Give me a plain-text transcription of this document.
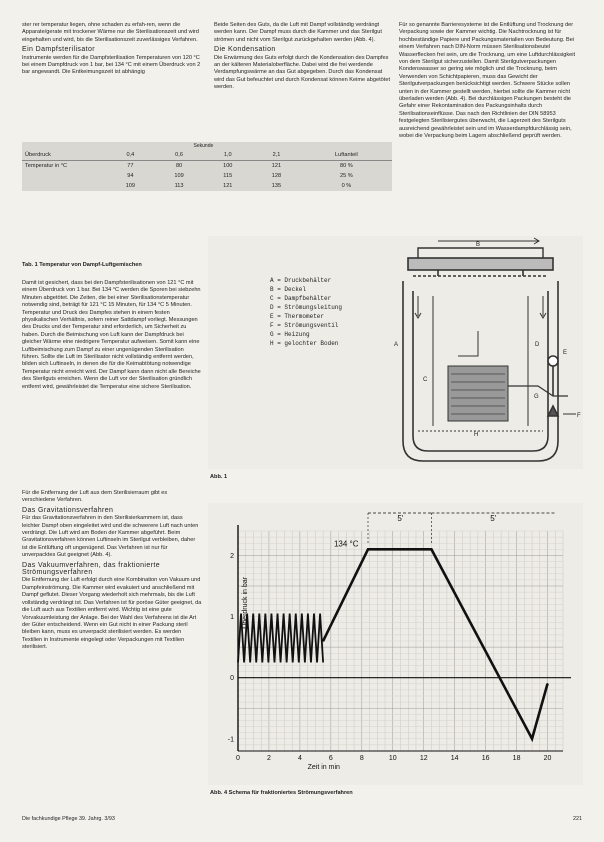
ster rer temperatur liegen, ohne schaden zu erfah-ren, wenn die Apparate/gerate mit trockener Wärme nur die Sterilisationszeit und wird eingehalten und wird, bis die Sterilisationszeit zuverlässiges Verfahren.

Ein Dampfsterilisator

Instrumente werden für die Dampfsterilisation Temperaturen von 120 °C bei einem Dampfdruck von 1 bar, bei 134 °C mit einem Überdruck von 2 bar angewandt. Die Entkeimungszeit ist abhängig

Beide Seiten des Guts, da die Luft mit Dampf vollständig verdrängt werden kann. Der Dampf muss durch die Kammer und das Sterilgut strömen und nicht vom Sterilgut zurückgehalten werden (Abb. 4).

Die Kondensation

Die Erwärmung des Guts erfolgt durch die Kondensation des Dampfes an der kälteren Materialoberfläche. Dabei wird die frei werdende Verdampfungswärme an das Gut abgegeben. Durch das Kondensat wird das Gut befeuchtet und durch Kondensat können Keime abgetötet werden.

Für so genannte Barrieresysteme ist die Entlüftung und Trocknung der Verpackung sowie der Kammer wichtig. Die Nachtrocknung ist für hochbeständige Papiere und Packungsmaterialien von Bedeutung. Bei einem Verfahren nach DIN-Norm müssen Sterilisationsbeutel Wasserflecken frei sein, um die Trocknung, um eine Luftdurchlässigkeit von dem Sterilgut sicherzustellen. Damit Sterilgutverpackungen Kondenswasser so gering wie möglich und die Trocknung, beim Verwenden von Schichtpapieren, muss das Gewicht der Sterilgutverpackungen berücksichtigt werden. Schwere Stücke sollen unten in der Kammer gestellt werden, hierbei sollte die Kammer nicht überladen werden (Abb. 4). Bei durchlässigen Packungen besteht die Gefahr einer Rekontamination des Packungsinhalts durch Sterilisationseinflüsse. Das nach den Richtlinien der DIN 58953 festgelegten Sterilisiergutes überwacht, die Lagerzeit des Sterilguts ausreichend gewährleistet sein und im Wasserdampfdurchlässig sein, wobei die Verpackung beim Lagern abschließend geprüft werden.

	Sekunde				
Überdruck	0,4	0,6	1,0	2,1	Luftanteil
Temperatur in °C	77	80	100	121	80 %
	94	109	115	128	25 %
	109	113	121	135	0 %
Tab. 1 Temperatur von Dampf-Luftgemischen

Damit ist gesichert, dass bei den Dampfsterilisationen von 121 °C mit einem Überdruck von 1 bar. Bei 134 °C werden die Sporen bei siebzehn Minuten abgetötet. Die Zeiten, die bei einer Sterilisationstemperatur notwendig sind, beträgt für 121 °C 15 Minuten, für 134 °C 5 Minuten. Temperatur und Druck des Dampfes stehen in einem festen physikalischen Verhältnis, sofern reiner Sattdampf vorliegt. Messungen des Drucks und der Temperatur sind erforderlich, um Sicherheit zu haben. Durch die Beimischung von Luft kann der Dampfdruck bei gleicher Wärme eine niedrigere Temperatur aufweisen. Somit kann eine Luftbeimischung zum Dampf zu einer ungenügenden Sterilisation führen. Sollte die Luft im Sterilisator nicht vollständig entfernt werden, bilden sich Luftinseln, in denen die für die Keimabtötung notwendige Temperatur nicht erreicht wird. Der Dampf kann dann nicht alle Bereiche des Sterilguts erreichen. Wenn die Luft vor der Sterilisation gründlich entfernt wird, gewährleistet die Temperatur eine sichere Sterilisation.

Für die Entfernung der Luft aus dem Sterilisierraum gibt es verschiedene Verfahren.

Das Gravitationsverfahren

Für das Gravitationsverfahren in den Sterilisierkammern ist, dass leichter Dampf oben eingeleitet wird und die schwerere Luft nach unten verdrängt. Die Luft wird am Boden der Kammer abgeführt. Beim Gravitationsverfahren können Luftinseln im Sterilgut verbleiben, daher ist die Entlüftung oft ungenügend. Das Verfahren ist nur für unverpacktes Gut geeignet (Abb. 4).

Das Vakuumverfahren, das fraktionierte Strömungsverfahren

Die Entfernung der Luft erfolgt durch eine Kombination von Vakuum und Dampfeinströmung. Die Kammer wird evakuiert und anschließend mit Dampf geflutet. Dieser Vorgang wiederholt sich mehrmals, bis die Luft vollständig verdrängt ist. Das Verfahren ist für poröse Güter geeignet, da die Luft auch aus Textilien entfernt wird. Wichtig ist eine gute Vorvakuumleistung der Anlage. Bei der Wahl des Verfahrens ist die Art der Güter entscheidend. Wenn ein Gut nicht in einer Packung steril bleiben kann, muss es unverpackt sterilisiert werden. Es werden Textilien in Instrumente eingelegt oder Verpackungen mit Textilien sterilisiert.

A = Druckbehälter
B = Deckel
C = Dampfbehälter
D = Strömungsleitung
E = Thermometer
F = Strömungsventil
G = Heizung
H = gelochter Boden	A
B
C
D
E
F
G
H
Abb. 1
0	2	4	6	8	10	12	14	16	18	20
2
1
0
-1
Zeit in min
Überdruck in bar
134 °C
5'	5'
Abb. 4 Schema für fraktioniertes Strömungsverfahren
Die fachkundige Pflege 39. Jahrg. 3/93	221
